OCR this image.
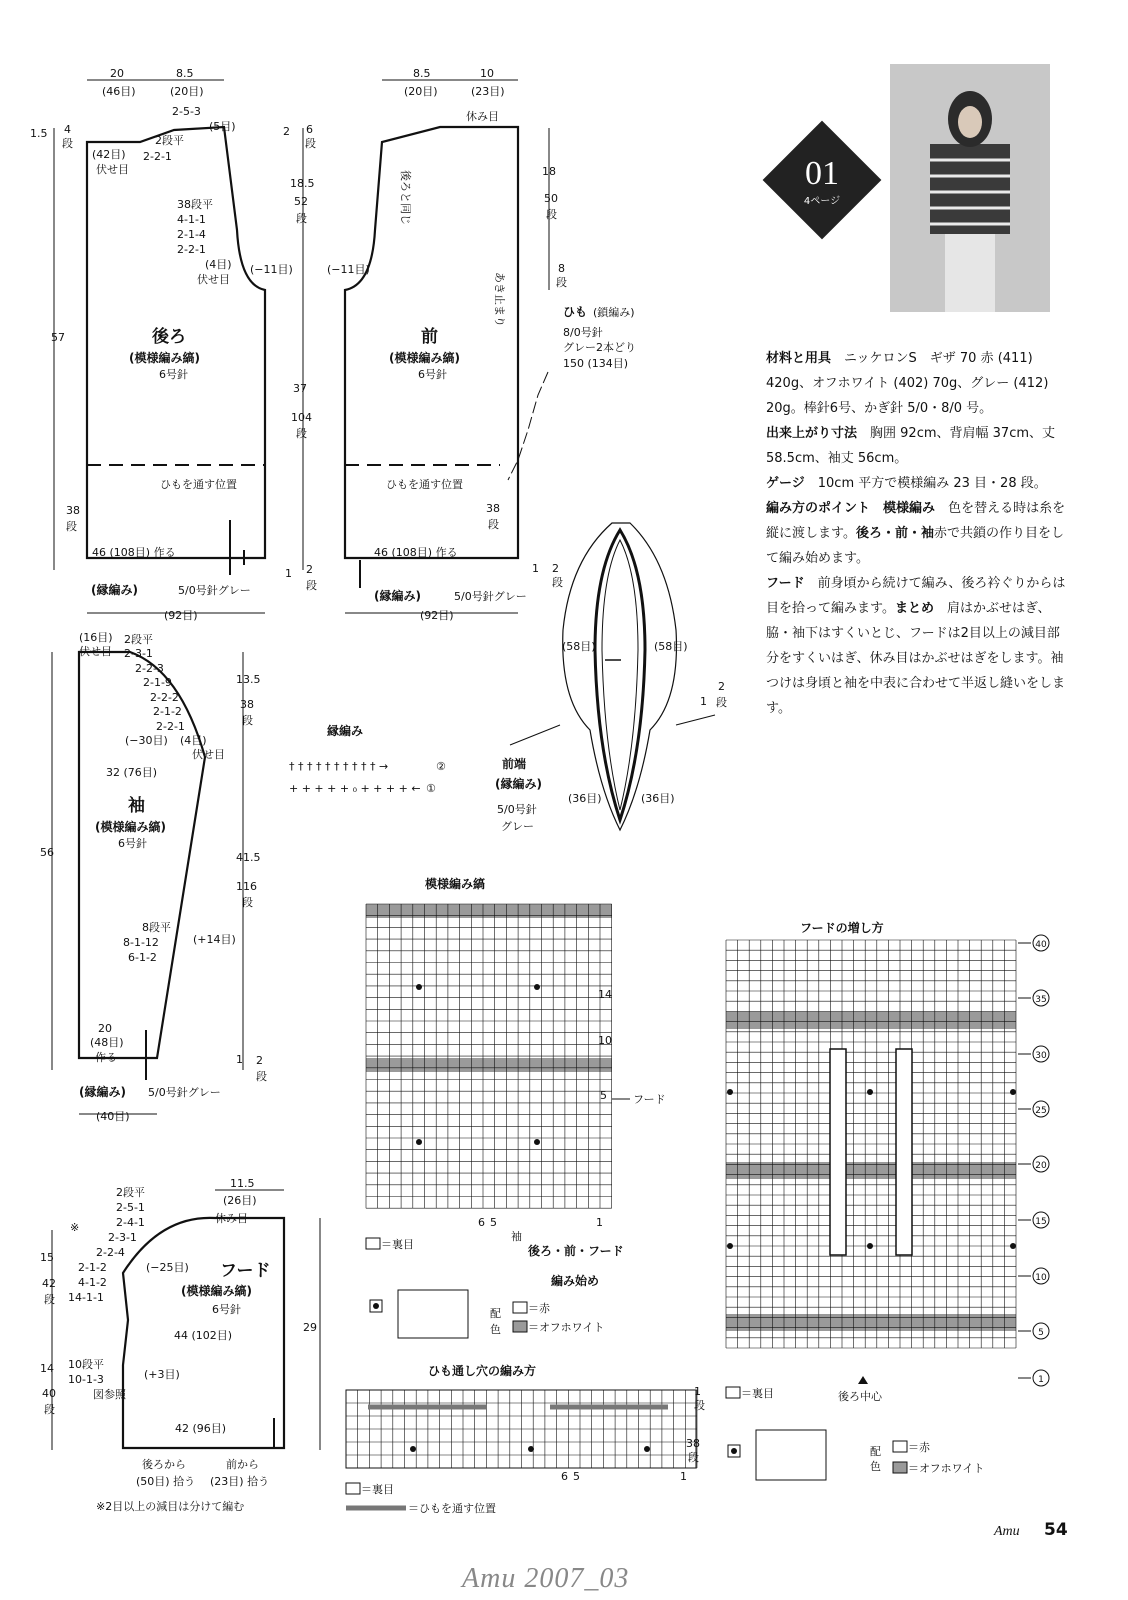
20
(46目)
8.5
(20目)
2-5-3
(5目)
2段平
2-2-1
(42目)
伏せ目
1.5 4
段
38段平
4-1-1
2-1-4
2-2-1
(4目)
伏せ目
(−11目)
後ろ
(模様編み縞)
6号針
2 6
段
18.5
52
段
37
104
段
1 2
段
57
38
段
ひもを通す位置
46 (108目) 作る
(縁編み)	5/0号針グレー
(92目)
8.5
(20目)
10
(23目)
休み目
後ろと同じ
(−11目)
前
(模様編み縞)
6号針
18
50
段
8
段
あき止まり
ひもを通す位置
38
段
46 (108目) 作る
(縁編み)	5/0号針グレー
(92目)
1 2
段
ひも (鎖編み)
8/0号針
グレー2本どり
150 (134目)
(16目)
伏せ目
2段平
2-3-1
2-2-3
2-1-9
2-2-2
2-1-2
2-2-1
(4目)
伏せ目
(−30目)
32 (76目)
13.5
38
段
41.5
116
段
1 2
段
56
袖
(模様編み縞)
6号針
8段平
8-1-12
6-1-2
(+14目)
20
(48目)
作る
(縁編み) 5/0号針グレー
(40目)
縁編み
† † † † † † † † † † →
+ + + + + ₀ + + + + ←
②
①
前端
(縁編み)
5/0号針
グレー
(58目)	(58目)
(36目)	(36目)
1
2
段
11.5
(26目)
休み目
2段平
2-5-1
2-4-1
2-3-1
2-2-4
2-1-2
4-1-2
14-1-1
※
(−25目) フード
(模様編み縞)
6号針
44 (102目)
10段平
10-1-3
図参照
(+3目)
15
42
段
14
40
段
29
42 (96目)
後ろから
(50目) 拾う
前から
(23目) 拾う
※2目以上の減目は分けて編む
模様編み縞
14
10
5 フード
6 5	1
袖
後ろ・前・フード
編み始め
＝裏目
配
色
＝赤
＝オフホワイト
ひも通し穴の編み方
1
段
38
段
6 5	1
＝裏目
＝ひもを通す位置
フードの増し方
40
35
30
25
20
15
10
5
1
後ろ中心
＝裏目
配
色
＝赤
＝オフホワイト
01
4ページ

材料と用具　 ニッケロンS　ギザ 70 赤 (411) 420g、オフホワイト (402) 70g、グレー (412) 20g。棒針6号、かぎ針 5/0・8/0 号。

出来上がり寸法　 胸囲 92cm、背肩幅 37cm、丈 58.5cm、袖丈 56cm。

ゲージ　 10cm 平方で模様編み 23 目・28 段。

編み方のポイント　 模様編み　 色を替える時は糸を縦に渡します。後ろ・前・袖赤で共鎖の作り目をして編み始めます。

フード　 前身頃から続けて編み、後ろ衿ぐりからは目を拾って編みます。まとめ　 肩はかぶせはぎ、脇・袖下はすくいとじ、フードは2目以上の減目部分をすくいはぎ、休み目はかぶせはぎをします。袖つけは身頃と袖を中表に合わせて半返し縫いをします。

Amu 54
Amu 2007_03
